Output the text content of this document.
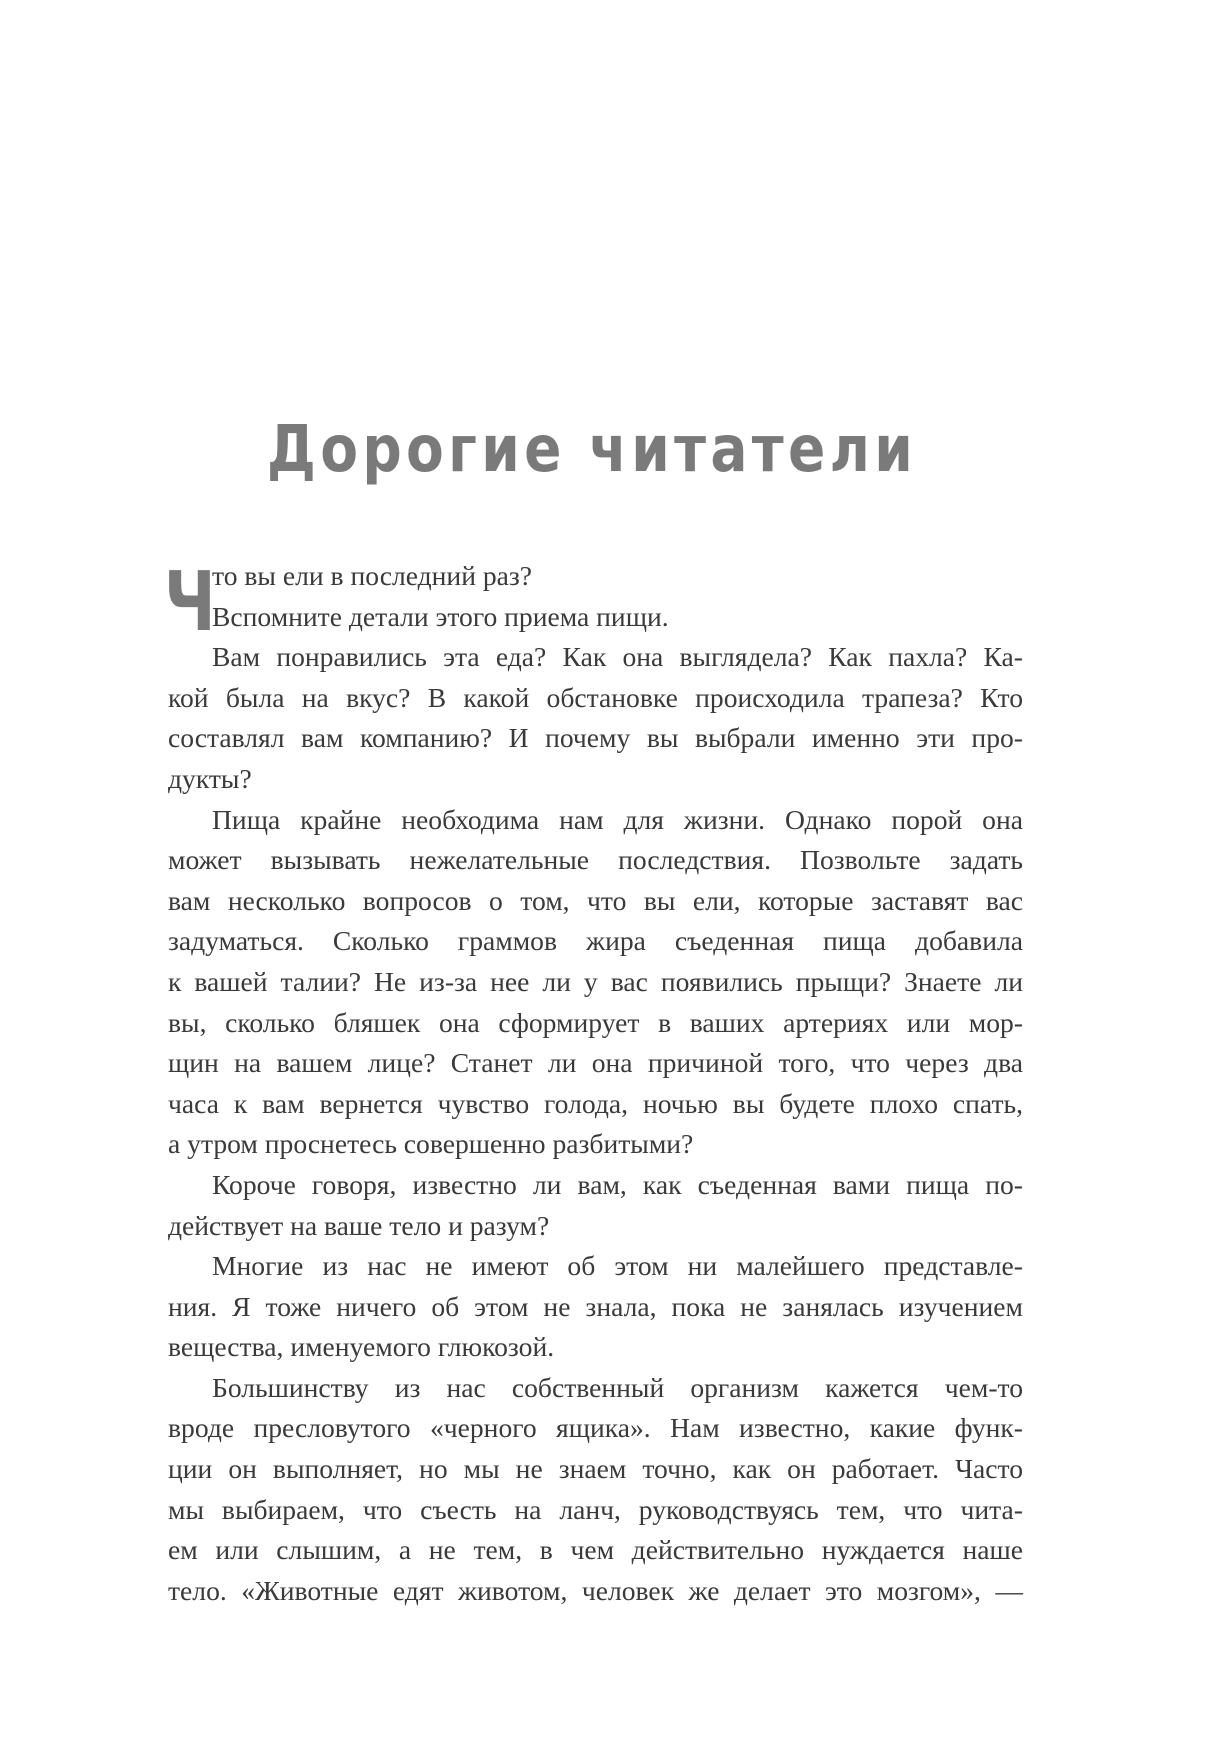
Дорогие читатели
Ч
то вы ели в последний раз?
Вспомните детали этого приема пищи.
Вам понравились эта еда? Как она выглядела? Как пахла? Ка-
кой была на вкус? В какой обстановке происходила трапеза? Кто
составлял вам компанию? И почему вы выбрали именно эти про-
дукты?
Пища крайне необходима нам для жизни. Однако порой она
может вызывать нежелательные последствия. Позвольте задать
вам несколько вопросов о том, что вы ели, которые заставят вас
задуматься. Сколько граммов жира съеденная пища добавила
к вашей талии? Не из-за нее ли у вас появились прыщи? Знаете ли
вы, сколько бляшек она сформирует в ваших артериях или мор-
щин на вашем лице? Станет ли она причиной того, что через два
часа к вам вернется чувство голода, ночью вы будете плохо спать,
а утром проснетесь совершенно разбитыми?
Короче говоря, известно ли вам, как съеденная вами пища по-
действует на ваше тело и разум?
Многие из нас не имеют об этом ни малейшего представле-
ния. Я тоже ничего об этом не знала, пока не занялась изучением
вещества, именуемого глюкозой.
Большинству из нас собственный организм кажется чем-то
вроде пресловутого «черного ящика». Нам известно, какие функ-
ции он выполняет, но мы не знаем точно, как он работает. Часто
мы выбираем, что съесть на ланч, руководствуясь тем, что чита-
ем или слышим, а не тем, в чем действительно нуждается наше
тело. «Животные едят животом, человек же делает это мозгом», —
